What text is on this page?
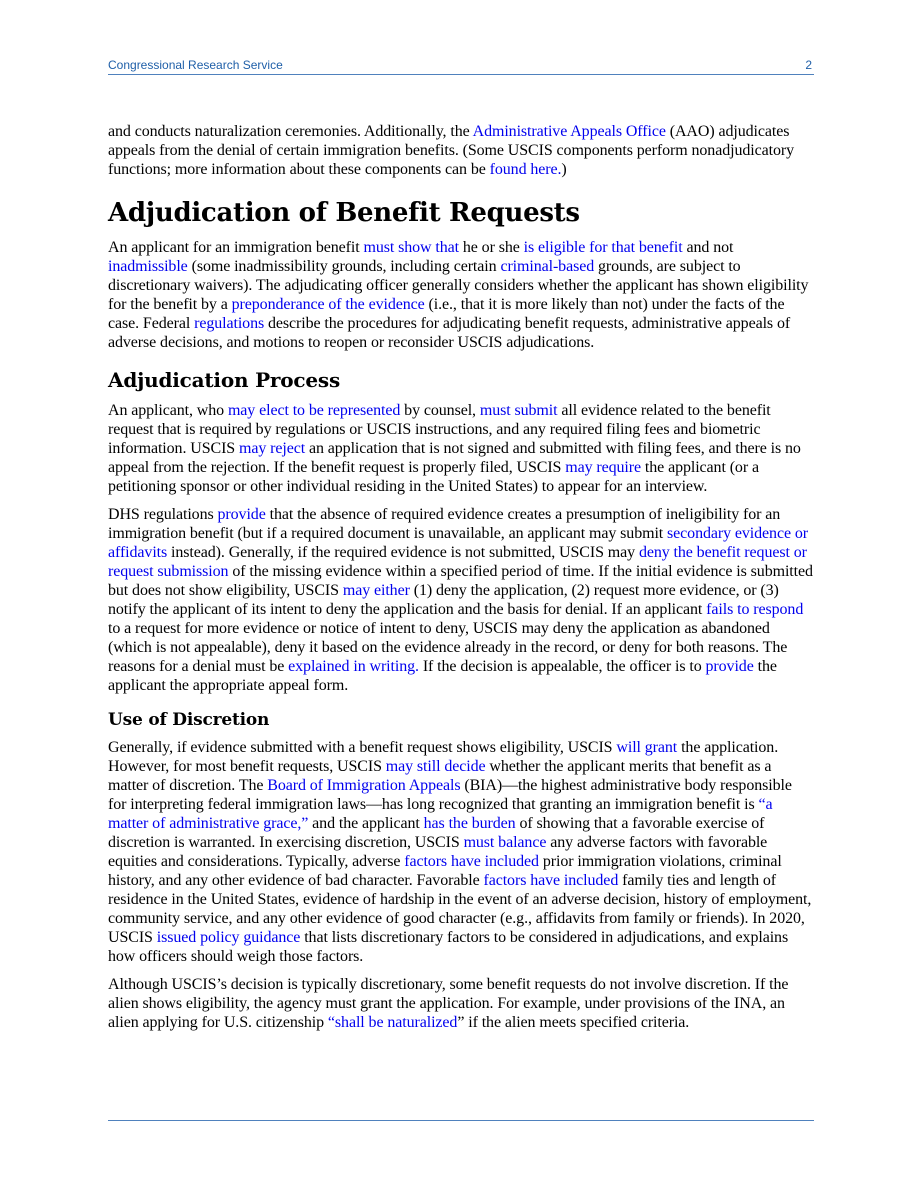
Congressional Research Service	2

and conducts naturalization ceremonies. Additionally, the Administrative Appeals Office (AAO) adjudicates appeals from the denial of certain immigration benefits. (Some USCIS components perform nonadjudicatory functions; more information about these components can be found here.)

Adjudication of Benefit Requests

An applicant for an immigration benefit must show that he or she is eligible for that benefit and not inadmissible (some inadmissibility grounds, including certain criminal-based grounds, are subject to discretionary waivers). The adjudicating officer generally considers whether the applicant has shown eligibility for the benefit by a preponderance of the evidence (i.e., that it is more likely than not) under the facts of the case. Federal regulations describe the procedures for adjudicating benefit requests, administrative appeals of adverse decisions, and motions to reopen or reconsider USCIS adjudications.

Adjudication Process

An applicant, who may elect to be represented by counsel, must submit all evidence related to the benefit request that is required by regulations or USCIS instructions, and any required filing fees and biometric information. USCIS may reject an application that is not signed and submitted with filing fees, and there is no appeal from the rejection. If the benefit request is properly filed, USCIS may require the applicant (or a petitioning sponsor or other individual residing in the United States) to appear for an interview.

DHS regulations provide that the absence of required evidence creates a presumption of ineligibility for an immigration benefit (but if a required document is unavailable, an applicant may submit secondary evidence or affidavits instead). Generally, if the required evidence is not submitted, USCIS may deny the benefit request or request submission of the missing evidence within a specified period of time. If the initial evidence is submitted but does not show eligibility, USCIS may either (1) deny the application, (2) request more evidence, or (3) notify the applicant of its intent to deny the application and the basis for denial. If an applicant fails to respond to a request for more evidence or notice of intent to deny, USCIS may deny the application as abandoned (which is not appealable), deny it based on the evidence already in the record, or deny for both reasons. The reasons for a denial must be explained in writing. If the decision is appealable, the officer is to provide the applicant the appropriate appeal form.

Use of Discretion

Generally, if evidence submitted with a benefit request shows eligibility, USCIS will grant the application. However, for most benefit requests, USCIS may still decide whether the applicant merits that benefit as a matter of discretion. The Board of Immigration Appeals (BIA)—the highest administrative body responsible for interpreting federal immigration laws—has long recognized that granting an immigration benefit is “a matter of administrative grace,” and the applicant has the burden of showing that a favorable exercise of discretion is warranted. In exercising discretion, USCIS must balance any adverse factors with favorable equities and considerations. Typically, adverse factors have included prior immigration violations, criminal history, and any other evidence of bad character. Favorable factors have included family ties and length of residence in the United States, evidence of hardship in the event of an adverse decision, history of employment, community service, and any other evidence of good character (e.g., affidavits from family or friends). In 2020, USCIS issued policy guidance that lists discretionary factors to be considered in adjudications, and explains how officers should weigh those factors.

Although USCIS’s decision is typically discretionary, some benefit requests do not involve discretion. If the alien shows eligibility, the agency must grant the application. For example, under provisions of the INA, an alien applying for U.S. citizenship “shall be naturalized” if the alien meets specified criteria.
